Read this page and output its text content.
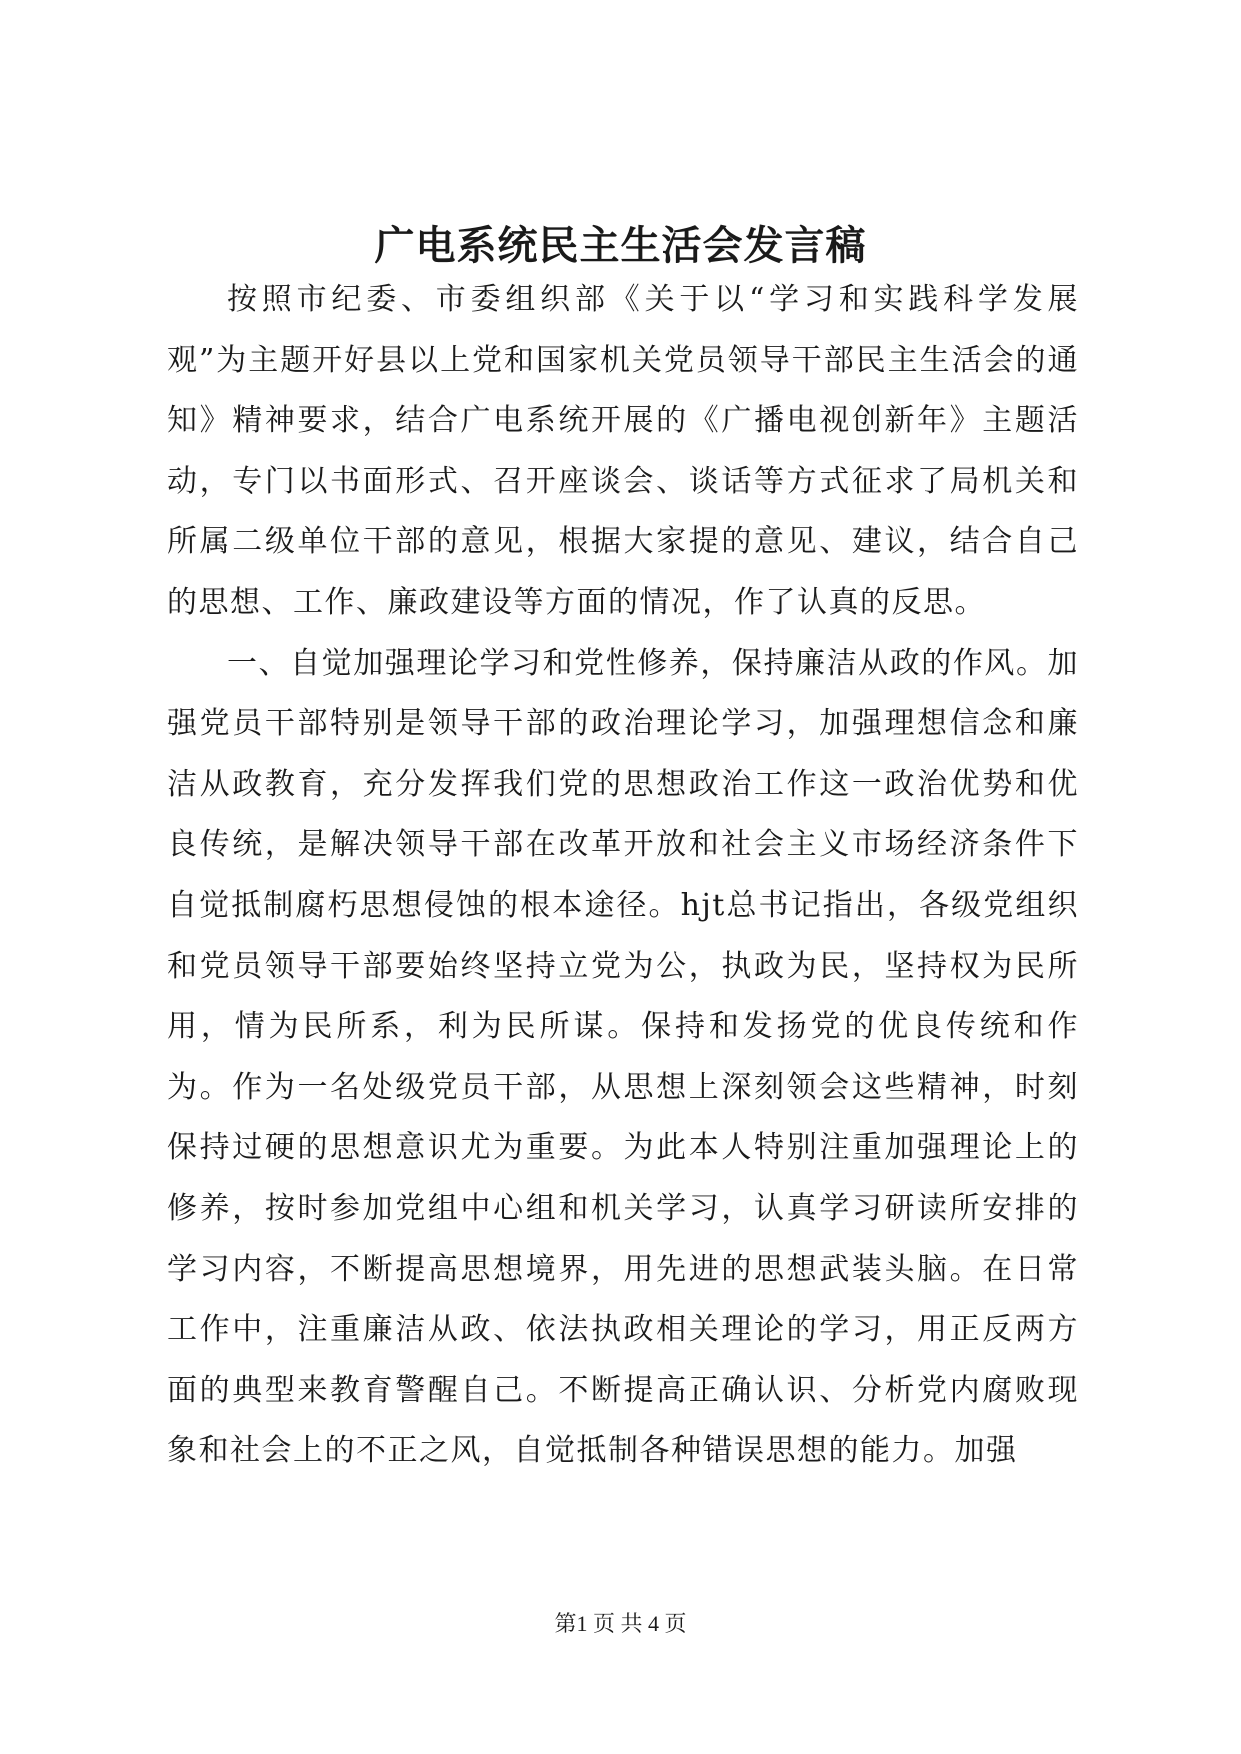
广电系统民主生活会发言稿

按照市纪委、市委组织部《关于以“学习和实践科学发展观”为主题开好县以上党和国家机关党员领导干部民主生活会的通知》精神要求，结合广电系统开展的《广播电视创新年》主题活动，专门以书面形式、召开座谈会、谈话等方式征求了局机关和所属二级单位干部的意见，根据大家提的意见、建议，结合自己的思想、工作、廉政建设等方面的情况，作了认真的反思。

一、自觉加强理论学习和党性修养，保持廉洁从政的作风。加强党员干部特别是领导干部的政治理论学习，加强理想信念和廉洁从政教育，充分发挥我们党的思想政治工作这一政治优势和优良传统，是解决领导干部在改革开放和社会主义市场经济条件下自觉抵制腐朽思想侵蚀的根本途径。hjt总书记指出，各级党组织和党员领导干部要始终坚持立党为公，执政为民，坚持权为民所用，情为民所系，利为民所谋。保持和发扬党的优良传统和作为。作为一名处级党员干部，从思想上深刻领会这些精神，时刻保持过硬的思想意识尤为重要。为此本人特别注重加强理论上的修养，按时参加党组中心组和机关学习，认真学习研读所安排的学习内容，不断提高思想境界，用先进的思想武装头脑。在日常工作中，注重廉洁从政、依法执政相关理论的学习，用正反两方面的典型来教育警醒自己。不断提高正确认识、分析党内腐败现象和社会上的不正之风，自觉抵制各种错误思想的能力。加强

第1 页 共 4 页
